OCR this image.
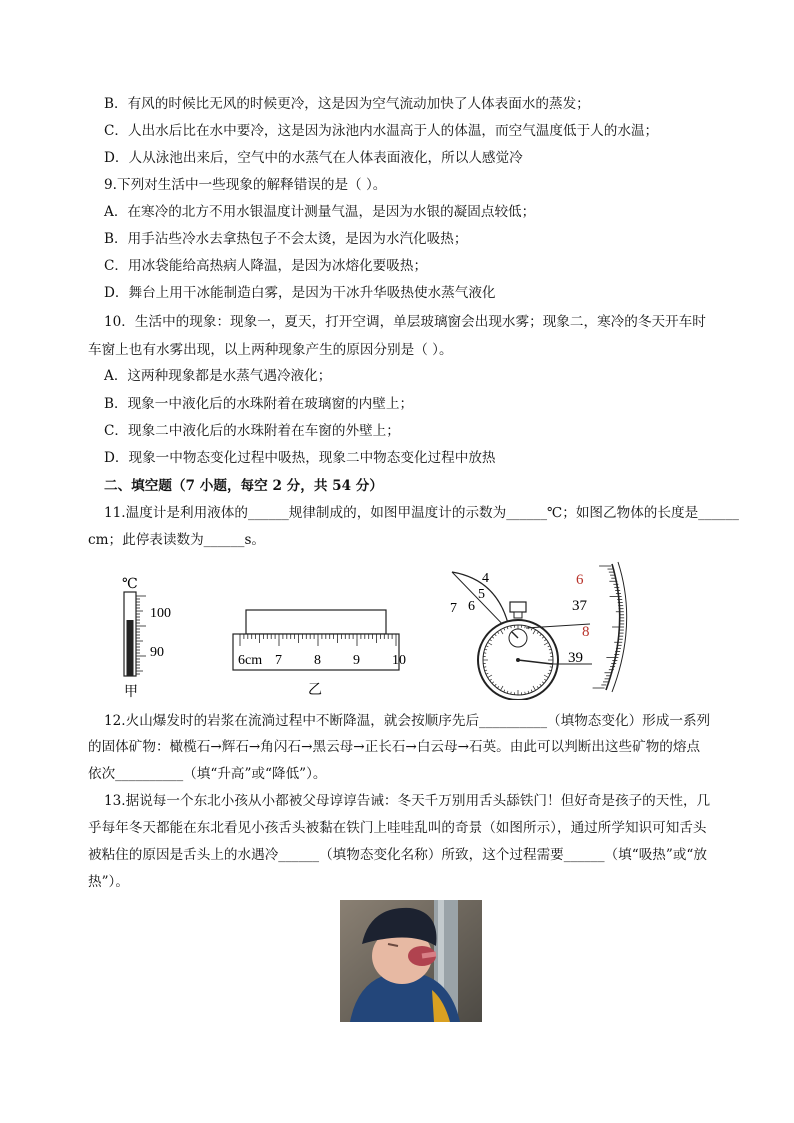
B．有风的时候比无风的时候更冷，这是因为空气流动加快了人体表面水的蒸发；
C．人出水后比在水中要冷，这是因为泳池内水温高于人的体温，而空气温度低于人的水温；
D．人从泳池出来后，空气中的水蒸气在人体表面液化，所以人感觉冷
9.下列对生活中一些现象的解释错误的是（ ）。
A．在寒冷的北方不用水银温度计测量气温，是因为水银的凝固点较低；
B．用手沾些冷水去拿热包子不会太烫，是因为水汽化吸热；
C．用冰袋能给高热病人降温，是因为冰熔化要吸热；
D．舞台上用干冰能制造白雾，是因为干冰升华吸热使水蒸气液化
10．生活中的现象：现象一，夏天，打开空调，单层玻璃窗会出现水雾；现象二，寒冷的冬天开车时
车窗上也有水雾出现，以上两种现象产生的原因分别是（ ）。
A．这两种现象都是水蒸气遇冷液化；
B．现象一中液化后的水珠附着在玻璃窗的内壁上；
C．现象二中液化后的水珠附着在车窗的外壁上；
D．现象一中物态变化过程中吸热，现象二中物态变化过程中放热
二、填空题（7 小题，每空 2 分，共 54 分）
11.温度计是利用液体的______规律制成的，如图甲温度计的示数为______℃；如图乙物体的长度是______
cm；此停表读数为______s。
℃
100
90
甲
6cm 7 8 9 10
乙
4
5
6
7
6
37
8
39
12.火山爆发时的岩浆在流淌过程中不断降温，就会按顺序先后__________（填物态变化）形成一系列
的固体矿物：橄榄石→辉石→角闪石→黑云母→正长石→白云母→石英。由此可以判断出这些矿物的熔点
依次__________（填“升高”或“降低”）。
13.据说每一个东北小孩从小都被父母谆谆告诫：冬天千万别用舌头舔铁门！但好奇是孩子的天性，几
乎每年冬天都能在东北看见小孩舌头被黏在铁门上哇哇乱叫的奇景（如图所示），通过所学知识可知舌头
被粘住的原因是舌头上的水遇冷______（填物态变化名称）所致，这个过程需要______（填“吸热”或“放
热”）。
